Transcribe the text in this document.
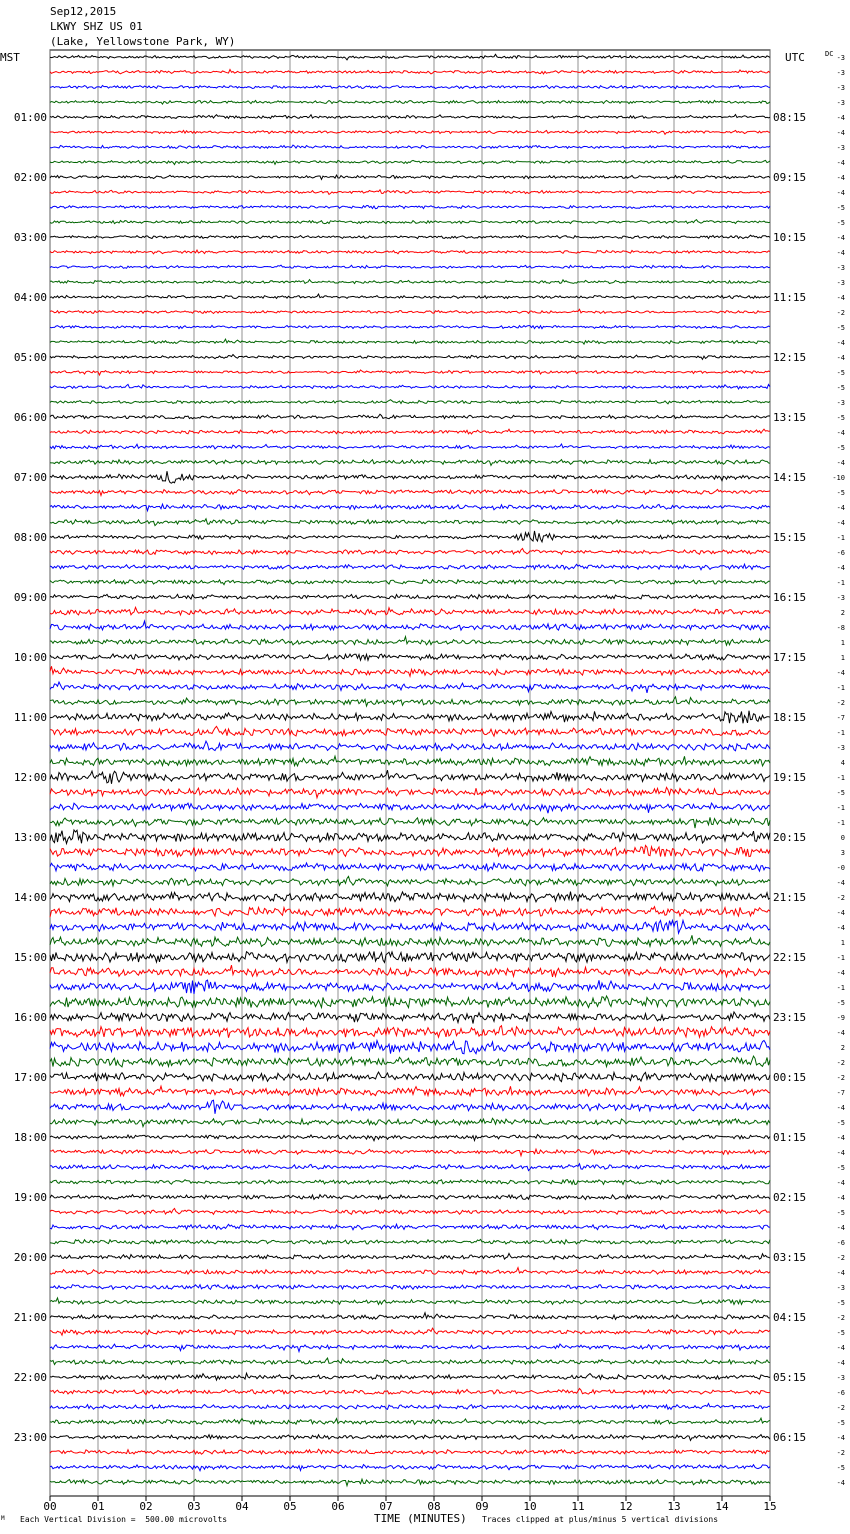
Sep12,2015
LKWY SHZ US 01
(Lake, Yellowstone Park, WY)
00	01	02	03	04	05	06	07	08	09	10	11	12	13	14	15
-3
-3
-3
-3
-4
-4
-3
-4
-4
-4
-5
-5
-4
-4
-3
-3
-4
-2
-5
-4
-4
-5
-5
-3
-5
-4
-5
-4
-10
-5
-4
-4
-1
-6
-4
-1
-3
2
-8
1
1
-4
-1
-2
-7
-1
-3
4
-1
-5
-1
-1
0
3
-0
-4
-2
-4
-4
1
-1
-4
-1
-5
-9
-4
2
-2
-2
-7
-4
-5
-4
-4
-5
-4
-4
-5
-4
-6
-2
-4
-3
-5
-2
-5
-4
-4
-3
-6
-2
-5
-4
-2
-5
-4
01:00	08:15
02:00	09:15
03:00	10:15
04:00	11:15
05:00	12:15
06:00	13:15
07:00	14:15
08:00	15:15
09:00	16:15
10:00	17:15
11:00	18:15
12:00	19:15
13:00	20:15
14:00	21:15
15:00	22:15
16:00	23:15
17:00	00:15
18:00	01:15
19:00	02:15
20:00	03:15
21:00	04:15
22:00	05:15
23:00	06:15
MST	UTC	DC
TIME (MINUTES)
M Each Vertical Division =  500.00 microvolts	Traces clipped at plus/minus 5 vertical divisions
